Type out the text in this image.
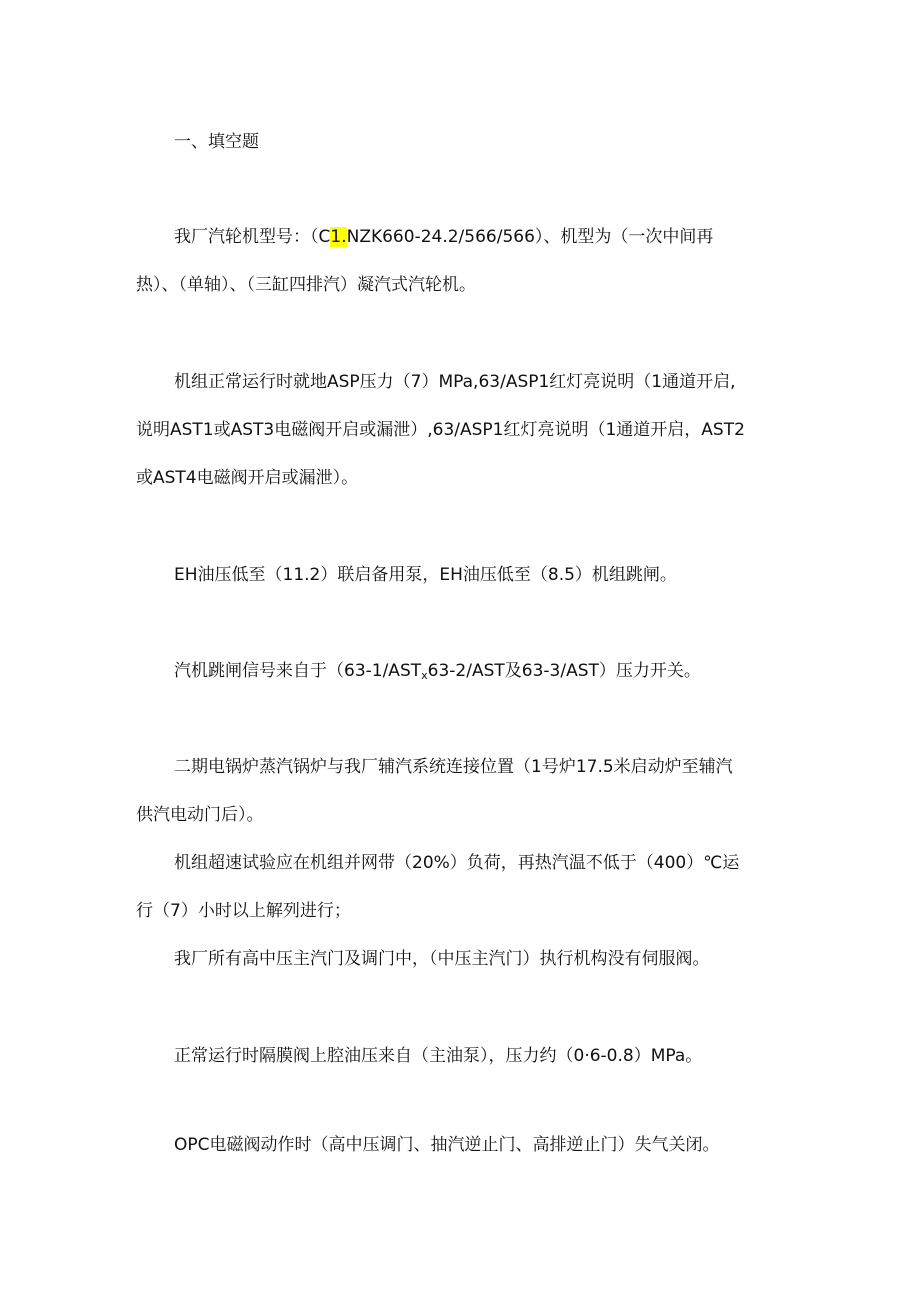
一、填空题
我厂汽轮机型号：（C1.NZK660-24.2/566/566）、机型为（一次中间再
热）、（单轴）、（三缸四排汽）凝汽式汽轮机。
机组正常运行时就地ASP压力（7）MPa,63/ASP1红灯亮说明（1通道开启,
说明AST1或AST3电磁阀开启或漏泄）,63/ASP1红灯亮说明（1通道开启，AST2
或AST4电磁阀开启或漏泄）。
EH油压低至（11.2）联启备用泵，EH油压低至（8.5）机组跳闸。
汽机跳闸信号来自于（$63-1/AST_x63-2$/AST及63-3/AST）压力开关。
二期电锅炉蒸汽锅炉与我厂辅汽系统连接位置（1号炉17.5米启动炉至辅汽
供汽电动门后）。
机组超速试验应在机组并网带（20%）负荷，再热汽温不低于（400）℃运
行（7）小时以上解列进行；
我厂所有高中压主汽门及调门中，（中压主汽门）执行机构没有伺服阀。
正常运行时隔膜阀上腔油压来自（主油泵），压力约（0·6-0.8）MPa。
OPC电磁阀动作时（高中压调门、抽汽逆止门、高排逆止门）失气关闭。
